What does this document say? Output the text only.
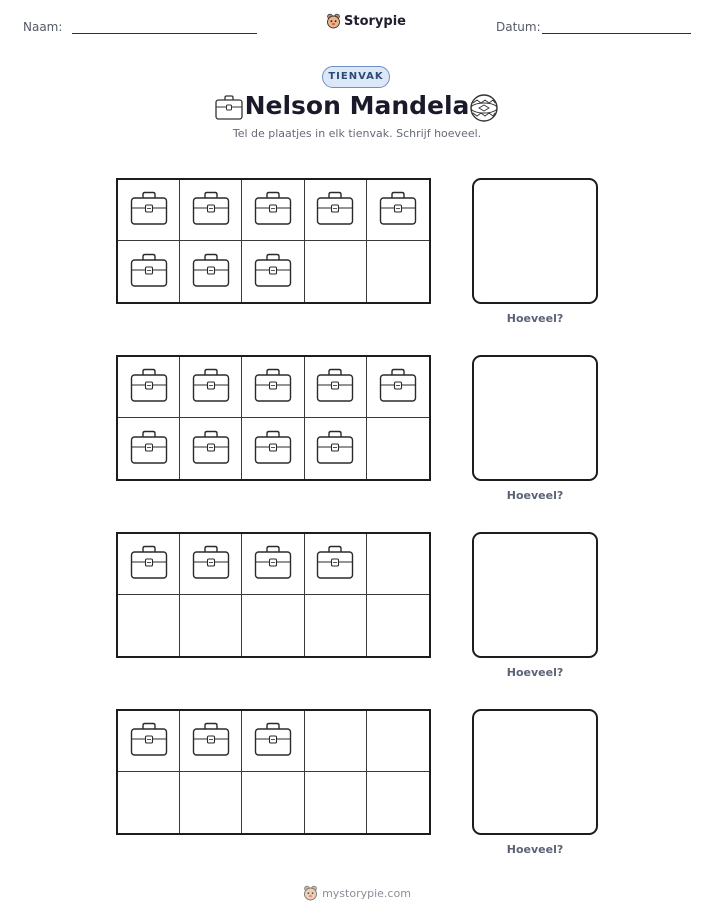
Naam:	Storypie	Datum:
TIENVAK
Nelson Mandela
Tel de plaatjes in elk tienvak. Schrijf hoeveel.
Hoeveel?
Hoeveel?
Hoeveel?
Hoeveel?
mystorypie.com
